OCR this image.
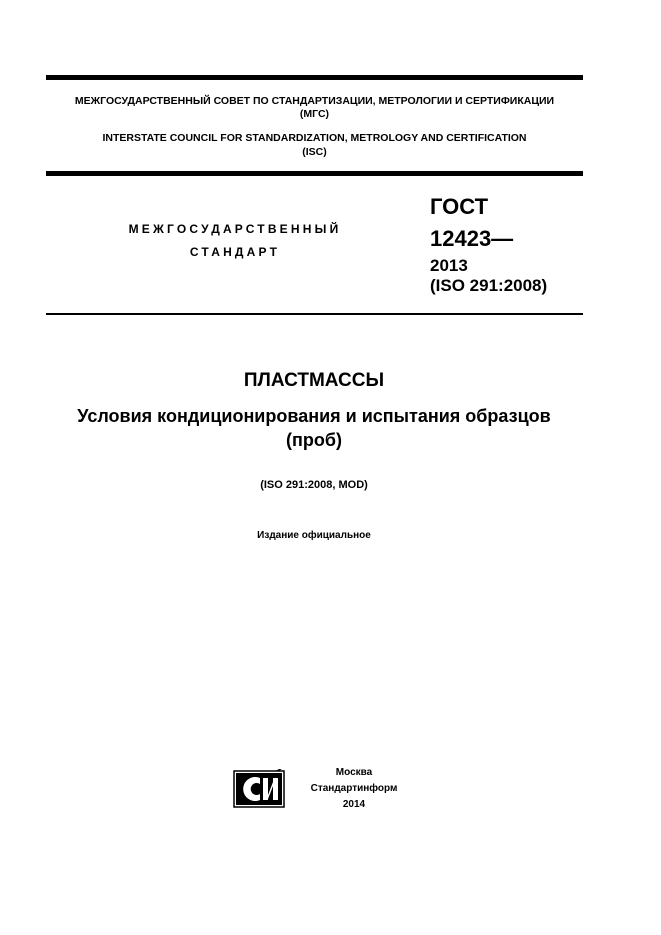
МЕЖГОСУДАРСТВЕННЫЙ СОВЕТ ПО СТАНДАРТИЗАЦИИ, МЕТРОЛОГИИ И СЕРТИФИКАЦИИ
(МГС)
INTERSTATE COUNCIL FOR STANDARDIZATION, METROLOGY AND CERTIFICATION
(ISC)
МЕЖГОСУДАРСТВЕННЫЙ
СТАНДАРТ
ГОСТ
12423—
2013
(ISO 291:2008)
ПЛАСТМАССЫ
Условия кондиционирования и испытания образцов
(проб)
(ISO 291:2008, MOD)
Издание официальное
Москва
Стандартинформ
2014
